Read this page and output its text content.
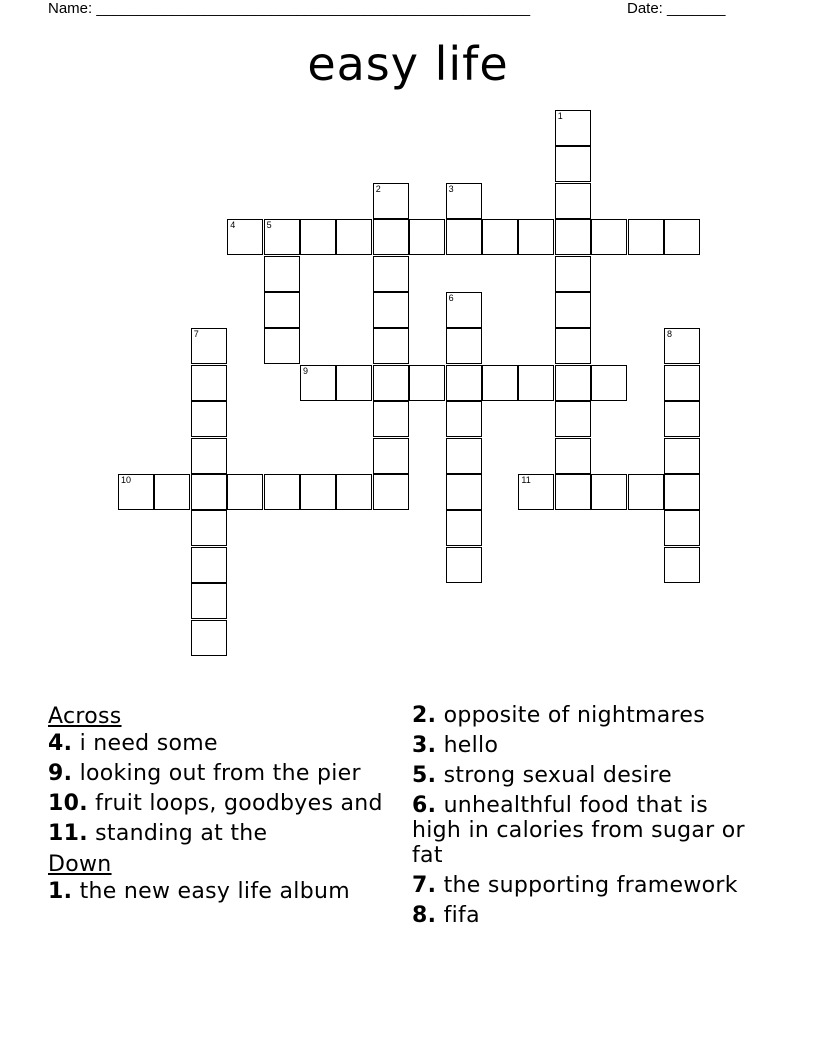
Name: ____________________________________________________	Date: _______
easy life
1
2	3
4	5
6
7	8
9
10	11
Across
4. i need some
9. looking out from the pier
10. fruit loops, goodbyes and
11. standing at the
Down
1. the new easy life album
2. opposite of nightmares
3. hello
5. strong sexual desire
6. unhealthful food that is high in calories from sugar or fat
7. the supporting framework
8. fifa
